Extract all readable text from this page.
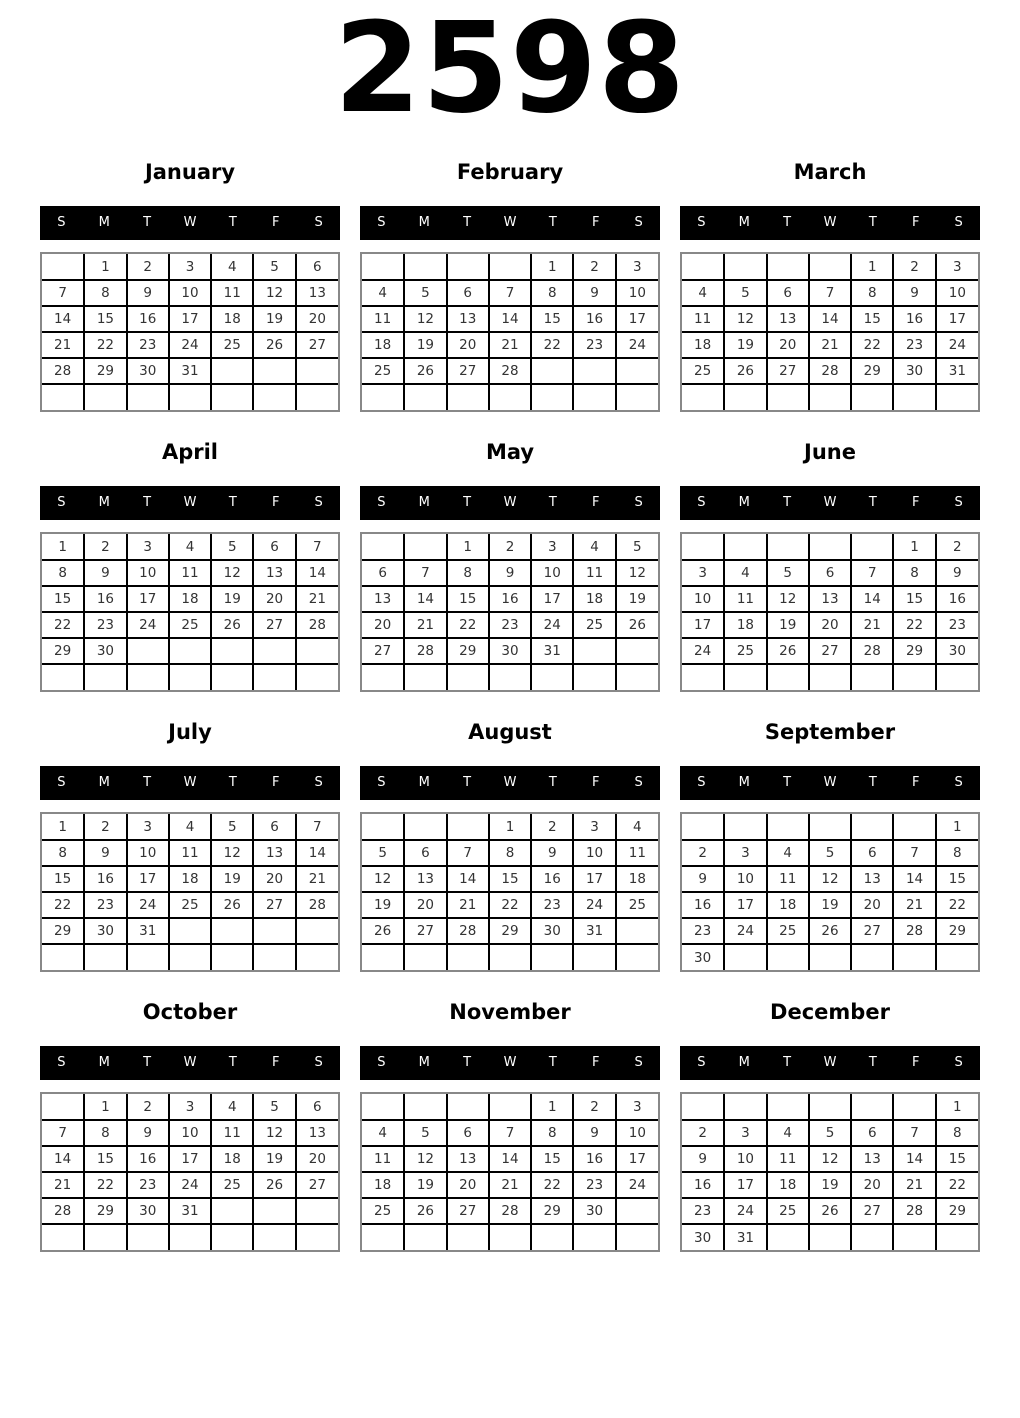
2598
January
S	M	T	W	T	F	S
	1	2	3	4	5	6
7	8	9	10	11	12	13
14	15	16	17	18	19	20
21	22	23	24	25	26	27
28	29	30	31			

February
S	M	T	W	T	F	S
				1	2	3
4	5	6	7	8	9	10
11	12	13	14	15	16	17
18	19	20	21	22	23	24
25	26	27	28			

March
S	M	T	W	T	F	S
				1	2	3
4	5	6	7	8	9	10
11	12	13	14	15	16	17
18	19	20	21	22	23	24
25	26	27	28	29	30	31

April
S	M	T	W	T	F	S
1	2	3	4	5	6	7
8	9	10	11	12	13	14
15	16	17	18	19	20	21
22	23	24	25	26	27	28
29	30					

May
S	M	T	W	T	F	S
		1	2	3	4	5
6	7	8	9	10	11	12
13	14	15	16	17	18	19
20	21	22	23	24	25	26
27	28	29	30	31		

June
S	M	T	W	T	F	S
					1	2
3	4	5	6	7	8	9
10	11	12	13	14	15	16
17	18	19	20	21	22	23
24	25	26	27	28	29	30

July
S	M	T	W	T	F	S
1	2	3	4	5	6	7
8	9	10	11	12	13	14
15	16	17	18	19	20	21
22	23	24	25	26	27	28
29	30	31				

August
S	M	T	W	T	F	S
			1	2	3	4
5	6	7	8	9	10	11
12	13	14	15	16	17	18
19	20	21	22	23	24	25
26	27	28	29	30	31	

September
S	M	T	W	T	F	S
						1
2	3	4	5	6	7	8
9	10	11	12	13	14	15
16	17	18	19	20	21	22
23	24	25	26	27	28	29
30						
October
S	M	T	W	T	F	S
	1	2	3	4	5	6
7	8	9	10	11	12	13
14	15	16	17	18	19	20
21	22	23	24	25	26	27
28	29	30	31			

November
S	M	T	W	T	F	S
				1	2	3
4	5	6	7	8	9	10
11	12	13	14	15	16	17
18	19	20	21	22	23	24
25	26	27	28	29	30	

December
S	M	T	W	T	F	S
						1
2	3	4	5	6	7	8
9	10	11	12	13	14	15
16	17	18	19	20	21	22
23	24	25	26	27	28	29
30	31					
